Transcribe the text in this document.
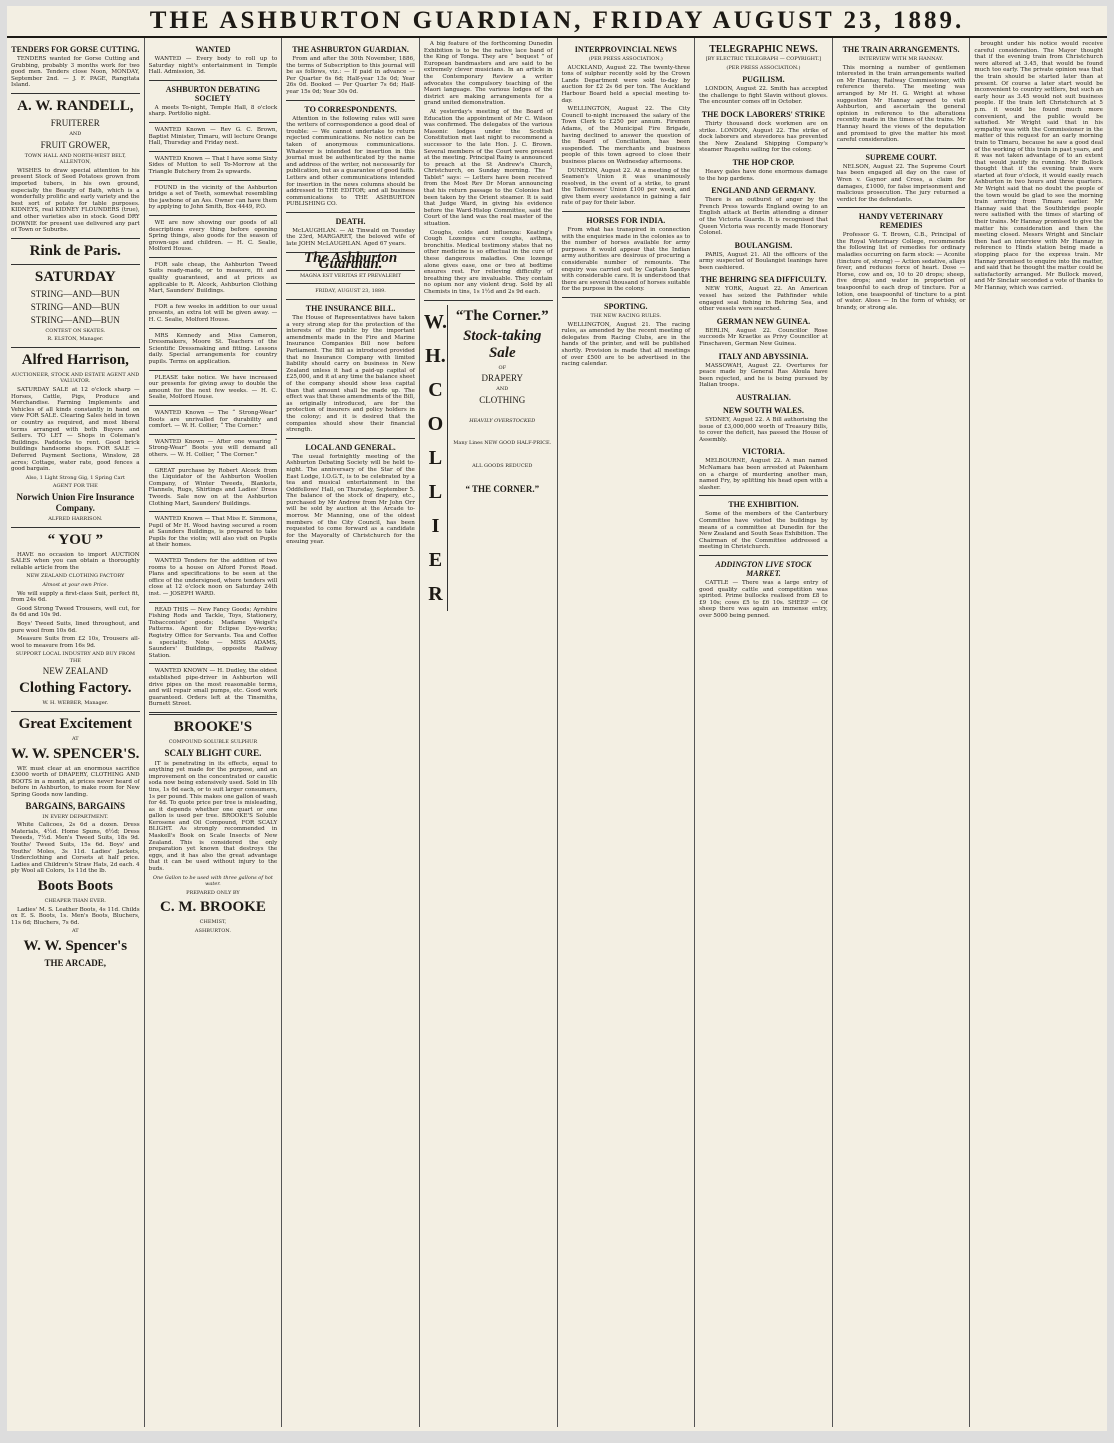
THE ASHBURTON GUARDIAN, FRIDAY AUGUST 23, 1889.
TENDERS FOR GORSE CUTTING.

TENDERS wanted for Gorse Cutting and Grubbing, probably 3 months work for two good men. Tenders close Noon, MONDAY, September 2nd. — J. F. PAGE, Rangitata Island.

A. W. RANDELL,
FRUITERER
AND
FRUIT GROWER,
TOWN HALL AND NORTH-WEST BELT, ALLENTON,

WISHES to draw special attention to his present Stock of Seed Potatoes grown from imported tubers, in his own ground, especially the Beauty of Bath, which is a wonderfully prolific and early variety and the best sort of potato for table purposes. KIDNEYS, real KIDNEY FLOUNDERS (true), and other varieties also in stock. Good DRY DOWNIE for present use delivered any part of Town or Suburbs.

Rink de Paris.
SATURDAY
STRING—AND—BUN
STRING—AND—BUN
STRING—AND—BUN
CONTEST ON SKATES.
R. ELSTON, Manager.
Alfred Harrison,
AUCTIONEER, STOCK AND ESTATE AGENT AND VALUATOR.

SATURDAY SALE at 12 o'clock sharp — Horses, Cattle, Pigs, Produce and Merchandise. Farming Implements and Vehicles of all kinds constantly in hand on view FOR SALE. Clearing Sales held in town or country as required, and most liberal terms arranged with both Buyers and Sellers. TO LET — Shops in Coleman's Buildings. Paddocks to rent. Good brick buildings handsome shops. FOR SALE — Deferred Payment Sections, Winslow, 28 acres; Cottage, water rate, good fences a good bargain.

Also, 1 Light Strong Gig, 1 Spring Cart
AGENT FOR THE
Norwich Union Fire Insurance Company.
ALFRED HARRISON.
“ YOU ”

HAVE no occasion to import AUCTION SALES when you can obtain a thoroughly reliable article from the

NEW ZEALAND CLOTHING FACTORY
Almost at your own Price.

We will supply a first-class Suit, perfect fit, from 24s 6d.

Good Strong Tweed Trousers, well cut, for 8s 6d and 10s 9d.

Boys' Tweed Suits, lined throughout, and pure wool from 10s 6d.

Measure Suits from £2 10s, Trousers all-wool to measure from 16s 9d.

SUPPORT LOCAL INDUSTRY AND BUY FROM THE
NEW ZEALAND
Clothing Factory.
W. H. WEBBER, Manager.
Great Excitement
AT
W. W. SPENCER'S.

WE must clear at an enormous sacrifice £3000 worth of DRAPERY, CLOTHING AND BOOTS in a month, at prices never heard of before in Ashburton, to make room for New Spring Goods now landing.

BARGAINS, BARGAINS
IN EVERY DEPARTMENT.

White Calicoes, 2s 6d a dozen. Dress Materials, 4½d. Home Spuns, 6½d; Dress Tweeds, 7½d. Men's Tweed Suits, 18s 9d. Youths' Tweed Suits, 15s 6d. Boys' and Youths' Moles, 3s 11d. Ladies' Jackets, Underclothing and Corsets at half price. Ladies and Children's Straw Hats, 2d each. 4 ply Wool all Colors, 1s 11d the lb.

Boots Boots
CHEAPER THAN EVER.

Ladies' M. S. Leather Boots, 4s 11d. Childs ox E. S. Boots, 1s. Men's Boots, Bluchers, 11s 6d; Bluchers, 7s 6d.

AT
W. W. Spencer's
THE ARCADE,
WANTED

WANTED — Every body to roll up to Saturday night's entertainment in Temple Hall. Admission, 3d.

ASHBURTON DEBATING SOCIETY

A meets To-night, Temple Hall, 8 o'clock sharp. Portfolio night.

WANTED Known — Rev G. C. Brown, Baptist Minister, Timaru, will lecture Orange Hall, Thursday and Friday next.

WANTED Known — That I have some Sixty Sides of Mutton to sell To-Morrow at the Triangle Butchery from 2s upwards.

FOUND in the vicinity of the Ashburton bridge a set of Teeth, somewhat resembling the jawbone of an Ass. Owner can have them by applying to John Smith, Box 4449, P.O.

WE are now showing our goods of all descriptions every thing before opening Spring things, also goods for the season of grown-ups and children. — H. C. Sealie, Molford House.

FOR sale cheap, the Ashburton Tweed Suits ready-made, or to measure, fit and quality guaranteed, and at prices as applicable to R. Alcock, Ashburton Clothing Mart, Saunders' Buildings.

FOR a few weeks in addition to our usual presents, an extra lot will be given away. — H. C. Sealie, Molford House.

MRS Kennedy and Miss Cameron, Dressmakers, Moore St. Teachers of the Scientific Dressmaking and fitting. Lessons daily. Special arrangements for country pupils. Terms on application.

PLEASE take notice. We have increased our presents for giving away to double the amount for the next few weeks. — H. C. Sealie, Molford House.

WANTED Known — The “ Strong-Wear” Boots are unrivalled for durability and comfort. — W. H. Collier, “ The Corner.”

WANTED Known — After one wearing “ Strong-Wear” Boots you will demand all others. — W. H. Collier, “ The Corner.”

GREAT purchase by Robert Alcock from the Liquidator of the Ashburton Woollen Company, of Winter Tweeds, Blankets, Flannels, Rugs, Shirtings and Ladies' Dress Tweeds. Sale now on at the Ashburton Clothing Mart, Saunders' Buildings.

WANTED Known — That Miss E. Simmons, Pupil of Mr H. Wood having secured a room at Saunders Buildings, is prepared to take Pupils for the violin; will also visit on Pupils at their homes.

WANTED Tenders for the addition of two rooms to a house on Alford Forest Road. Plans and specifications to be seen at the office of the undersigned, where tenders will close at 12 o'clock noon on Saturday 24th inst. — JOSEPH WARD.

READ THIS — New Fancy Goods; Ayrshire Fishing Rods and Tackle, Toys, Stationery, Tobacconists' goods; Madame Weigel's Patterns. Agent for Eclipse Dye-works; Registry Office for Servants. Tea and Coffee a speciality. Note — MISS ADAMS, Saunders' Buildings, opposite Railway Station.

WANTED KNOWN — H. Dudley, the oldest established pipe-driver in Ashburton will drive pipes on the most reasonable terms, and will repair small pumps, etc. Good work guaranteed. Orders left at the Tinsmiths, Burnett Street.

BROOKE'S
COMPOUND SOLUBLE SULPHUR
SCALY BLIGHT CURE.

IT is penetrating in its effects, equal to anything yet made for the purpose, and an improvement on the concentrated or caustic soda now being extensively used. Sold in 1lb tins, 1s 6d each, or to suit larger consumers, 1s per pound. This makes one gallon of wash for 4d. To quote price per tree is misleading, as it depends whether one quart or one gallon is used per tree. BROOKE'S Soluble Kerosene and Oil Compound, FOR SCALY BLIGHT. As strongly recommended in Maskell's Book on Scale Insects of New Zealand. This is considered the only preparation yet known that destroys the eggs, and it has also the great advantage that it can be used without injury to the buds.

One Gallon to be used with three gallons of hot water.
PREPARED ONLY BY
C. M. BROOKE
CHEMIST,
ASHBURTON.
THE ASHBURTON GUARDIAN.

From and after the 30th November, 1886, the terms of Subscription to this journal will be as follows, viz.: — If paid in advance — Per Quarter 6s 6d; Half-year 13s 0d; Year 26s 0d. Booked — Per Quarter 7s 6d; Half-year 15s 0d; Year 30s 0d.

TO CORRESPONDENTS.

Attention in the following rules will save the writers of correspondence a good deal of trouble: — We cannot undertake to return rejected communications. No notice can be taken of anonymous communications. Whatever is intended for insertion in this journal must be authenticated by the name and address of the writer, not necessarily for publication, but as a guarantee of good faith. Letters and other communications intended for insertion in the news columns should be addressed to THE EDITOR; and all business communications to THE ASHBURTON PUBLISHING CO.

DEATH.

McLAUGHLAN. — At Tinwald on Tuesday the 23rd, MARGARET, the beloved wife of late JOHN McLAUGHLAN. Aged 67 years.

The Ashburton Guardian.
MAGNA EST VERITAS ET PREVALEBIT
FRIDAY, AUGUST 23, 1889.
THE INSURANCE BILL.

The House of Representatives have taken a very strong step for the protection of the interests of the public by the important amendments made in the Fire and Marine Insurance Companies Bill now before Parliament. The Bill as introduced provided that no Insurance Company with limited liability should carry on business in New Zealand unless it had a paid-up capital of £25,000, and it at any time the balance sheet of the company should show less capital than that amount shall be made up. The effect was that these amendments of the Bill, as originally introduced, are for the protection of insurers and policy holders in the colony; and it is desired that the companies should show their financial strength.

LOCAL AND GENERAL.

The usual fortnightly meeting of the Ashburton Debating Society will be held to-night. The anniversary of the Star of the East Lodge, I.O.G.T., is to be celebrated by a tea and musical entertainment in the Oddfellows' Hall, on Thursday, September 5. The balance of the stock of drapery, etc., purchased by Mr Andrew from Mr John Orr will be sold by auction at the Arcade to-morrow. Mr Manning, one of the oldest members of the City Council, has been requested to come forward as a candidate for the Mayoralty of Christchurch for the ensuing year.

A big feature of the forthcoming Dunedin Exhibition is to be the native lace band of the King of Tonga. They are “ bequest ” of European bandmasters and are said to be extremely clever musicians. In an article in the Contemporary Review a writer advocates the compulsory teaching of the Maori language. The various lodges of the district are making arrangements for a grand united demonstration.

At yesterday's meeting of the Board of Education the appointment of Mr C. Wilson was confirmed. The delegates of the various Masonic lodges under the Scottish Constitution met last night to recommend a successor to the late Hon. J. C. Brown. Several members of the Court were present at the meeting. Principal Rainy is announced to preach at the St Andrew's Church, Christchurch, on Sunday morning. The “ Tablet” says: — Letters have been received from the Most Rev Dr Moran announcing that his return passage to the Colonies had been taken by the Orient steamer. It is said that Judge Ward, in giving his evidence before the Ward-Hislop Committee, said the Court of the land was the real master of the situation.

Coughs, colds and influenza: Keating's Cough Lozenges cure coughs, asthma, bronchitis. Medical testimony states that no other medicine is so effectual in the cure of these dangerous maladies. One lozenge alone gives ease, one or two at bedtime ensures rest. For relieving difficulty of breathing they are invaluable. They contain no opium nor any violent drug. Sold by all Chemists in tins, 1s 1½d and 2s 9d each.

W.
H.
C
O
L
L
I
E
R
“The Corner.”
Stock-taking Sale
OF
DRAPERY
AND
CLOTHING
HEAVILY OVERSTOCKED
Many Lines NEW GOOD HALF-PRICE.
ALL GOODS REDUCED
“ THE CORNER.”
INTERPROVINCIAL NEWS
(PER PRESS ASSOCIATION.)

AUCKLAND, August 22. The twenty-three tons of sulphur recently sold by the Crown Lands Department were sold to-day by auction for £2 2s 6d per ton. The Auckland Harbour Board held a special meeting to-day.

WELLINGTON, August 22. The City Council to-night increased the salary of the Town Clerk to £250 per annum. Firemen Adams, of the Municipal Fire Brigade, having declined to answer the question of the Board of Conciliation, has been suspended. The merchants and business people of this town agreed to close their business places on Wednesday afternoons.

DUNEDIN, August 22. At a meeting of the Seamen's Union it was unanimously resolved, in the event of a strike, to grant the Tailoresses' Union £100 per week, and give them every assistance in gaining a fair rate of pay for their labor.

HORSES FOR INDIA.

From what has transpired in connection with the enquiries made in the colonies as to the number of horses available for army purposes it would appear that the Indian army authorities are desirous of procuring a considerable number of remounts. The enquiry was carried out by Captain Sandys with considerable care. It is understood that there are several thousand of horses suitable for the purpose in the colony.

SPORTING.
THE NEW RACING RULES.

WELLINGTON, August 21. The racing rules, as amended by the recent meeting of delegates from Racing Clubs, are in the hands of the printer, and will be published shortly. Provision is made that all meetings of over £500 are to be advertised in the racing calendar.

TELEGRAPHIC NEWS.
[BY ELECTRIC TELEGRAPH — COPYRIGHT.]
(PER PRESS ASSOCIATION.)
PUGILISM.

LONDON, August 22. Smith has accepted the challenge to fight Slavin without gloves. The encounter comes off in October.

THE DOCK LABORERS' STRIKE

Thirty thousand dock workmen are on strike. LONDON, August 22. The strike of dock laborers and stevedores has prevented the New Zealand Shipping Company's steamer Ruapehu sailing for the colony.

THE HOP CROP.

Heavy gales have done enormous damage to the hop gardens.

ENGLAND AND GERMANY.

There is an outburst of anger by the French Press towards England owing to an English attack at Berlin attending a dinner of the Victoria Guards. It is recognised that Queen Victoria was recently made Honorary Colonel.

BOULANGISM.

PARIS, August 21. All the officers of the army suspected of Boulangist leanings have been cashiered.

THE BEHRING SEA DIFFICULTY.

NEW YORK, August 22. An American vessel has seized the Pathfinder while engaged seal fishing in Behring Sea, and other vessels were searched.

GERMAN NEW GUINEA.

BERLIN, August 22. Councillor Rose succeeds Mr Kraetke as Privy Councillor at Finschaven, German New Guinea.

ITALY AND ABYSSINIA.

MASSOWAH, August 22. Overtures for peace made by General Ras Aloula have been rejected, and he is being pursued by Italian troops.

AUSTRALIAN.
NEW SOUTH WALES.

SYDNEY, August 22. A Bill authorising the issue of £3,000,000 worth of Treasury Bills, to cover the deficit, has passed the House of Assembly.

VICTORIA.

MELBOURNE, August 22. A man named McNamara has been arrested at Pakenham on a charge of murdering another man, named Fry, by splitting his head open with a slasher.

THE EXHIBITION.

Some of the members of the Canterbury Committee have visited the buildings by means of a committee at Dunedin for the New Zealand and South Seas Exhibition. The Chairman of the Committee addressed a meeting in Christchurch.

ADDINGTON LIVE STOCK MARKET.

CATTLE — There was a large entry of good quality cattle and competition was spirited. Prime bullocks realised from £8 to £9 10s; cows £5 to £6 10s. SHEEP — Of sheep there was again an immense entry, over 5000 being penned.

THE TRAIN ARRANGEMENTS.
INTERVIEW WITH MR HANNAY.

This morning a number of gentlemen interested in the train arrangements waited on Mr Hannay, Railway Commissioner, with reference thereto. The meeting was arranged by Mr H. G. Wright at whose suggestion Mr Hannay agreed to visit Ashburton, and ascertain the general opinion in reference to the alterations recently made in the times of the trains. Mr Hannay heard the views of the deputation and promised to give the matter his most careful consideration.

SUPREME COURT.

NELSON, August 22. The Supreme Court has been engaged all day on the case of Wren v. Gaynor and Cross, a claim for damages, £1000, for false imprisonment and malicious prosecution. The jury returned a verdict for the defendants.

HANDY VETERINARY REMEDIES

Professor G. T. Brown, C.B., Principal of the Royal Veterinary College, recommends the following list of remedies for ordinary maladies occurring on farm stock: — Aconite (tincture of, strong) — Action sedative, allays fever, and reduces force of heart. Dose — Horse, cow and ox, 10 to 20 drops; sheep, five drops; and water in proportion of teaspoonful to each drop of tincture. For a lotion, one teaspoonful of tincture to a pint of water. Aloes — In the form of whisky, or brandy, or strong ale.

brought under his notice would receive careful consideration. The Mayor thought that if the evening train from Christchurch were altered at 3.45, that would be found much too early. The private opinion was that the train should be started later than at present. Of course a later start would be inconvenient to country settlers, but such an early hour as 3.45 would not suit business people. If the train left Christchurch at 5 p.m. it would be found much more convenient, and the public would be satisfied. Mr Wright said that in his sympathy was with the Commissioner in the matter of this request for an early morning train to Timaru, because he saw a good deal of the working of this train in past years, and it was not taken advantage of to an extent that would justify its running. Mr Bullock thought that if the evening train were started at four o'clock, it would easily reach Ashburton in two hours and three quarters. Mr Wright said that no doubt the people of the town would be glad to see the morning train arriving from Timaru earlier. Mr Hannay said that the Southbridge people were satisfied with the times of starting of their trains. Mr Hannay promised to give the matter his consideration and then the meeting closed. Messrs Wright and Sinclair then had an interview with Mr Hannay in reference to Hinds station being made a stopping place for the express train. Mr Hannay promised to enquire into the matter, and said that he thought the matter could be satisfactorily arranged. Mr Bullock moved, and Mr Sinclair seconded a vote of thanks to Mr Hannay, which was carried.
